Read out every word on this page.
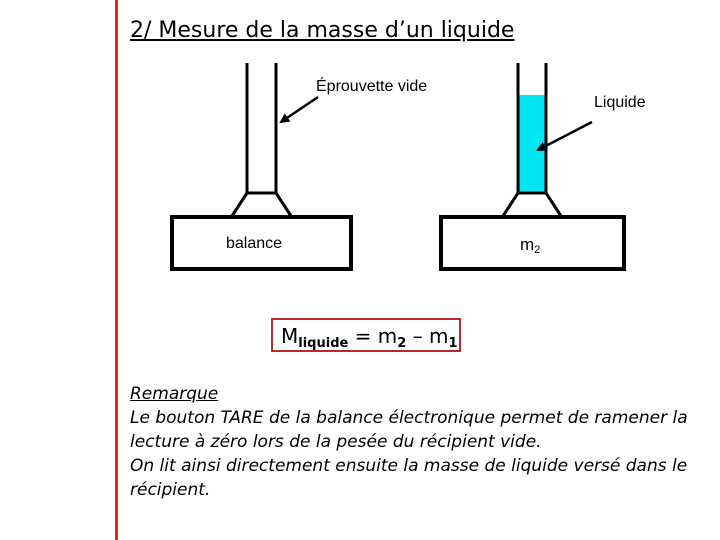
2/ Mesure de la masse d’un liquide
Éprouvette vide
Liquide
balance	$m_2$
$M_{liquide} = m_2 - m_1$
Remarque
Le bouton TARE de la balance électronique permet de ramener la lecture à zéro lors de la pesée du récipient vide.
On lit ainsi directement ensuite la masse de liquide versé dans le récipient.
